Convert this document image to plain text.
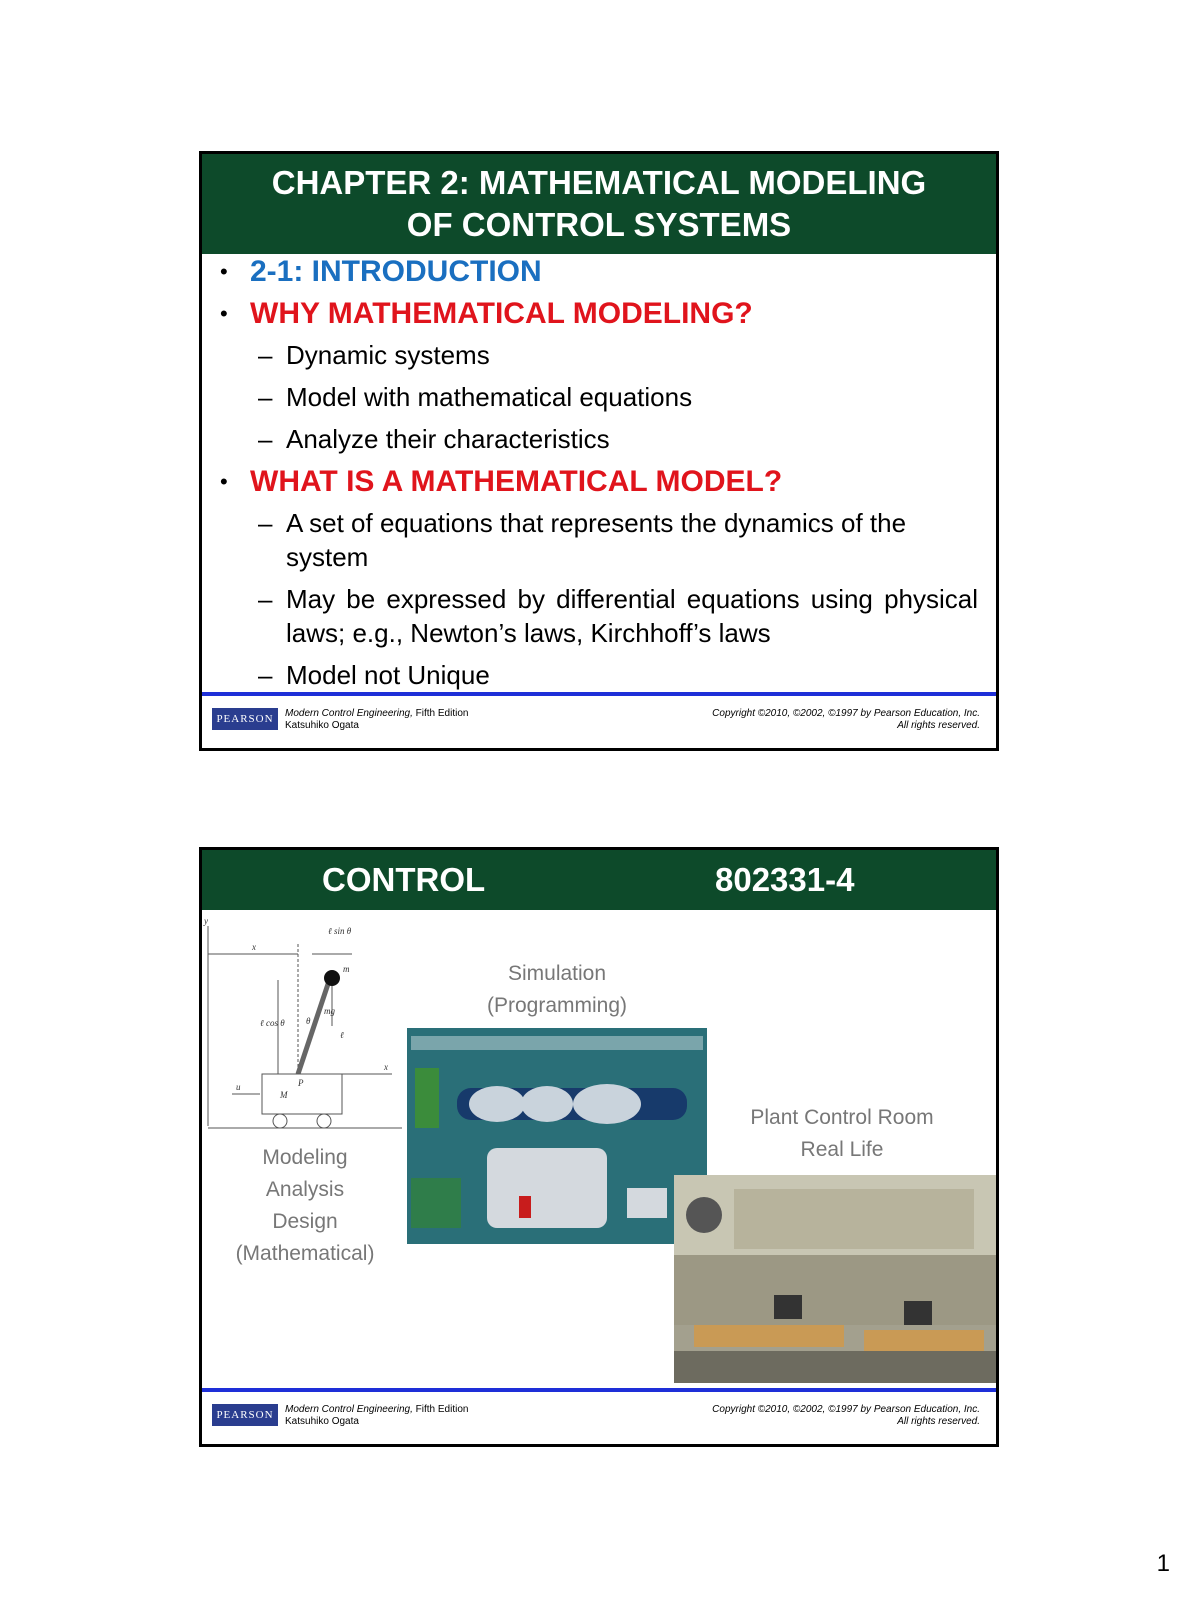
CHAPTER 2: MATHEMATICAL MODELING
OF CONTROL SYSTEMS
• 2-1: INTRODUCTION
• WHY MATHEMATICAL MODELING?
– Dynamic systems
– Model with mathematical equations
– Analyze their characteristics
• WHAT IS A MATHEMATICAL MODEL?
– A set of equations that represents the dynamics of the system
– May be expressed by differential equations using physical laws; e.g., Newton’s laws, Kirchhoff’s laws
– Model not Unique
PEARSON	Modern Control Engineering, Fifth Edition
Katsuhiko Ogata
Copyright ©2010, ©2002, ©1997 by Pearson Education, Inc.
All rights reserved.
CONTROL	802331-4
y
x
ℓ sin θ
m
ℓ cos θ θ
mg
ℓ
P
u
M
x
Modeling
Analysis
Design
(Mathematical)
Simulation
(Programming)
Plant Control Room
Real Life
PEARSON	Modern Control Engineering, Fifth Edition
Katsuhiko Ogata
Copyright ©2010, ©2002, ©1997 by Pearson Education, Inc.
All rights reserved.
1
